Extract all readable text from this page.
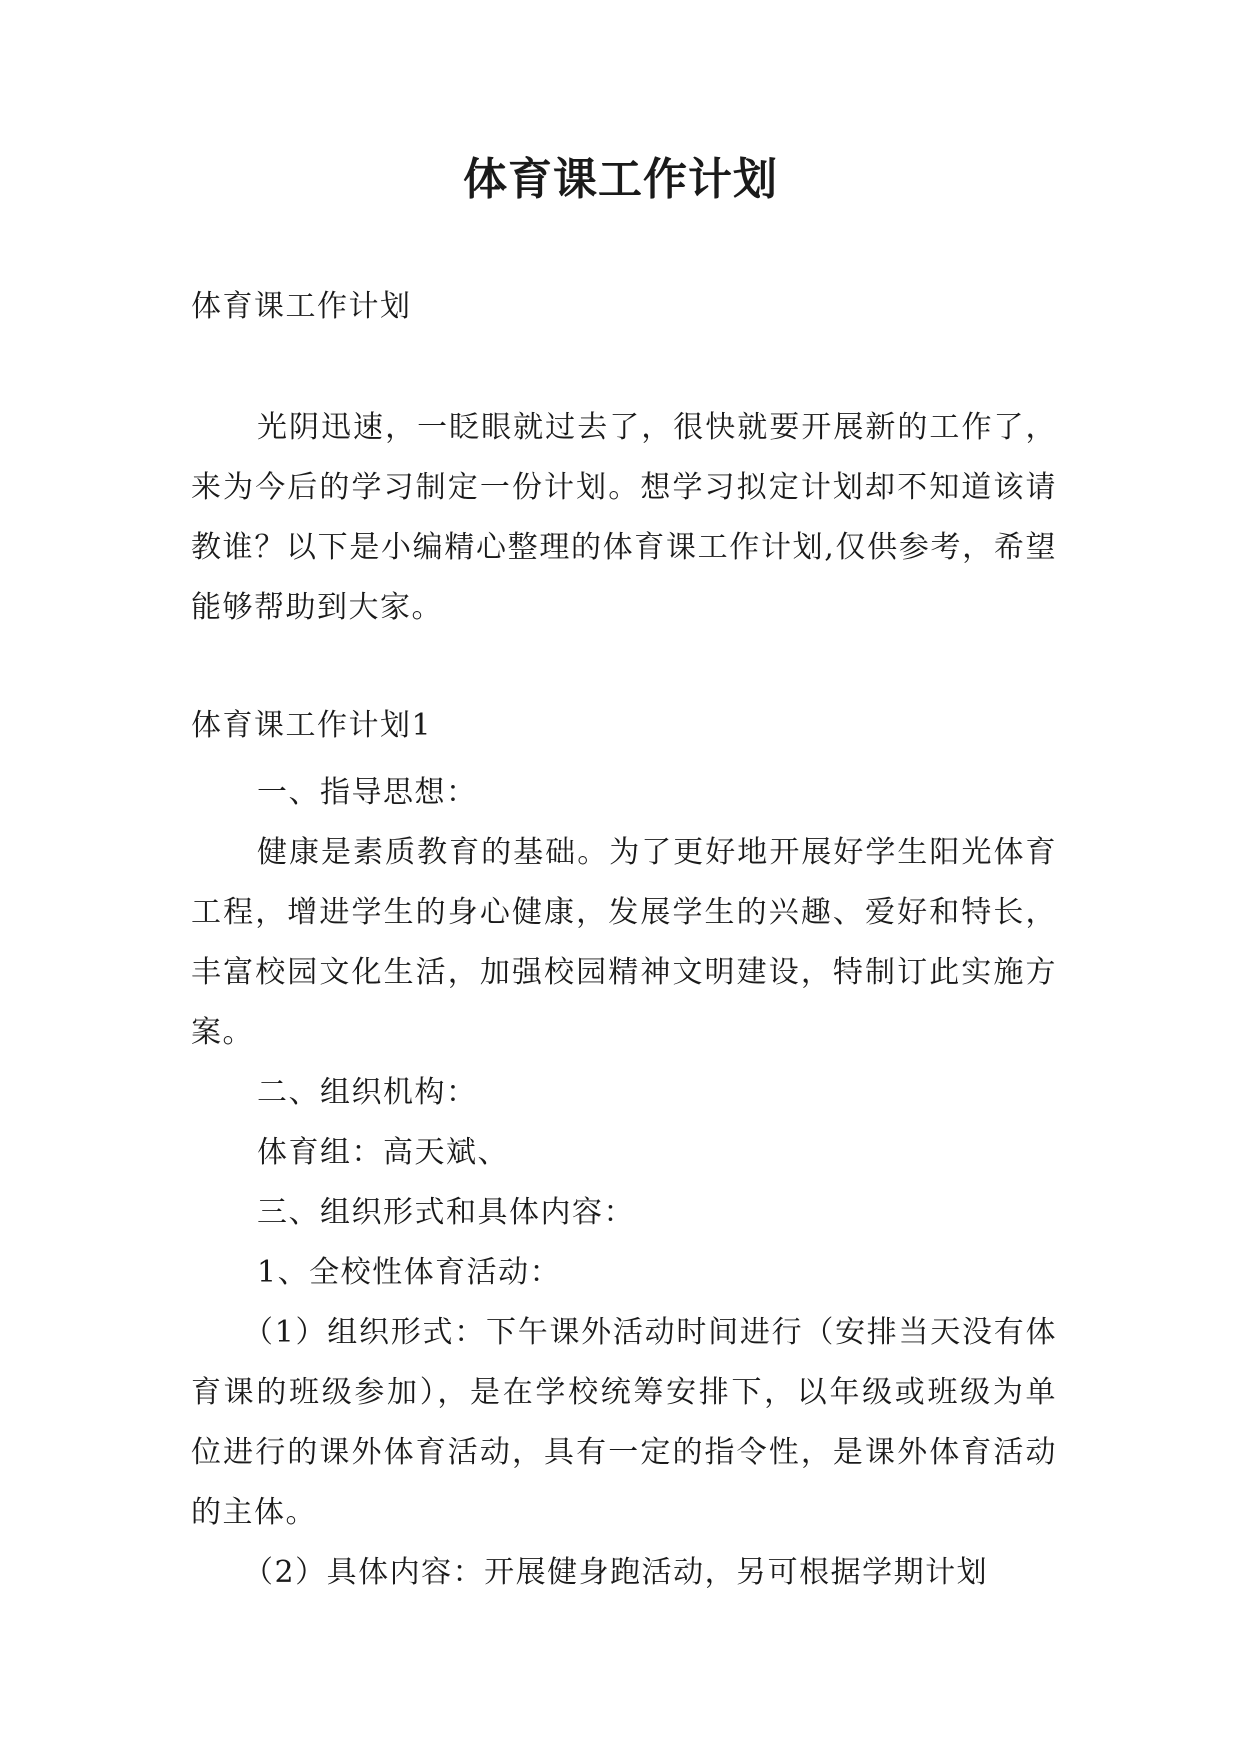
体育课工作计划

体育课工作计划

光阴迅速，一眨眼就过去了，很快就要开展新的工作了，来为今后的学习制定一份计划。想学习拟定计划却不知道该请教谁？以下是小编精心整理的体育课工作计划,仅供参考，希望能够帮助到大家。

体育课工作计划1

一、指导思想：

健康是素质教育的基础。为了更好地开展好学生阳光体育工程，增进学生的身心健康，发展学生的兴趣、爱好和特长，丰富校园文化生活，加强校园精神文明建设，特制订此实施方案。

二、组织机构：

体育组：高天斌、

三、组织形式和具体内容：

1、全校性体育活动：

（1）组织形式：下午课外活动时间进行（安排当天没有体育课的班级参加），是在学校统筹安排下，以年级或班级为单位进行的课外体育活动，具有一定的指令性，是课外体育活动的主体。

（2）具体内容：开展健身跑活动，另可根据学期计划
